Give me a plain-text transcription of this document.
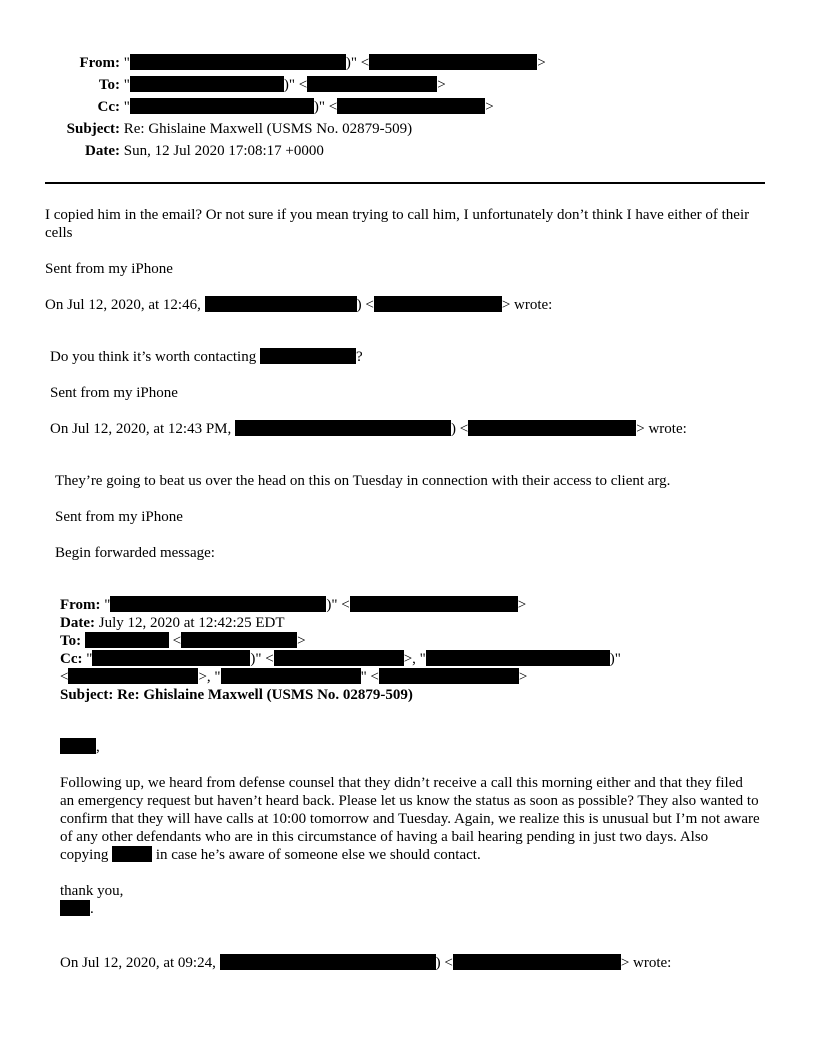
From: "	)" <	>
To: "	)" <	>
Cc: "	)" <	>
Subject: Re: Ghislaine Maxwell (USMS No. 02879-509)
Date: Sun, 12 Jul 2020 17:08:17 +0000
I copied him in the email? Or not sure if you mean trying to call him, I unfortunately don’t think I have either of their cells
Sent from my iPhone
On Jul 12, 2020, at 12:46,	) <	> wrote:
Do you think it’s worth contacting	?
Sent from my iPhone
On Jul 12, 2020, at 12:43 PM,	) <	> wrote:
They’re going to beat us over the head on this on Tuesday in connection with their access to client arg.
Sent from my iPhone
Begin forwarded message:
From: "	)" <	>
Date: July 12, 2020 at 12:42:25 EDT
To:	<	>
Cc: "	)" <	>, "	)"
<	>, "	" <	>
Subject: Re: Ghislaine Maxwell (USMS No. 02879-509)
,
Following up, we heard from defense counsel that they didn’t receive a call this morning either and that they filed an emergency request but haven’t heard back. Please let us know the status as soon as possible? They also wanted to confirm that they will have calls at 10:00 tomorrow and Tuesday. Again, we realize this is unusual but I’m not aware of any other defendants who are in this circumstance of having a bail hearing pending in just two days. Also copying	in case he’s aware of someone else we should contact.
thank you,
.
On Jul 12, 2020, at 09:24,	) <	> wrote:
